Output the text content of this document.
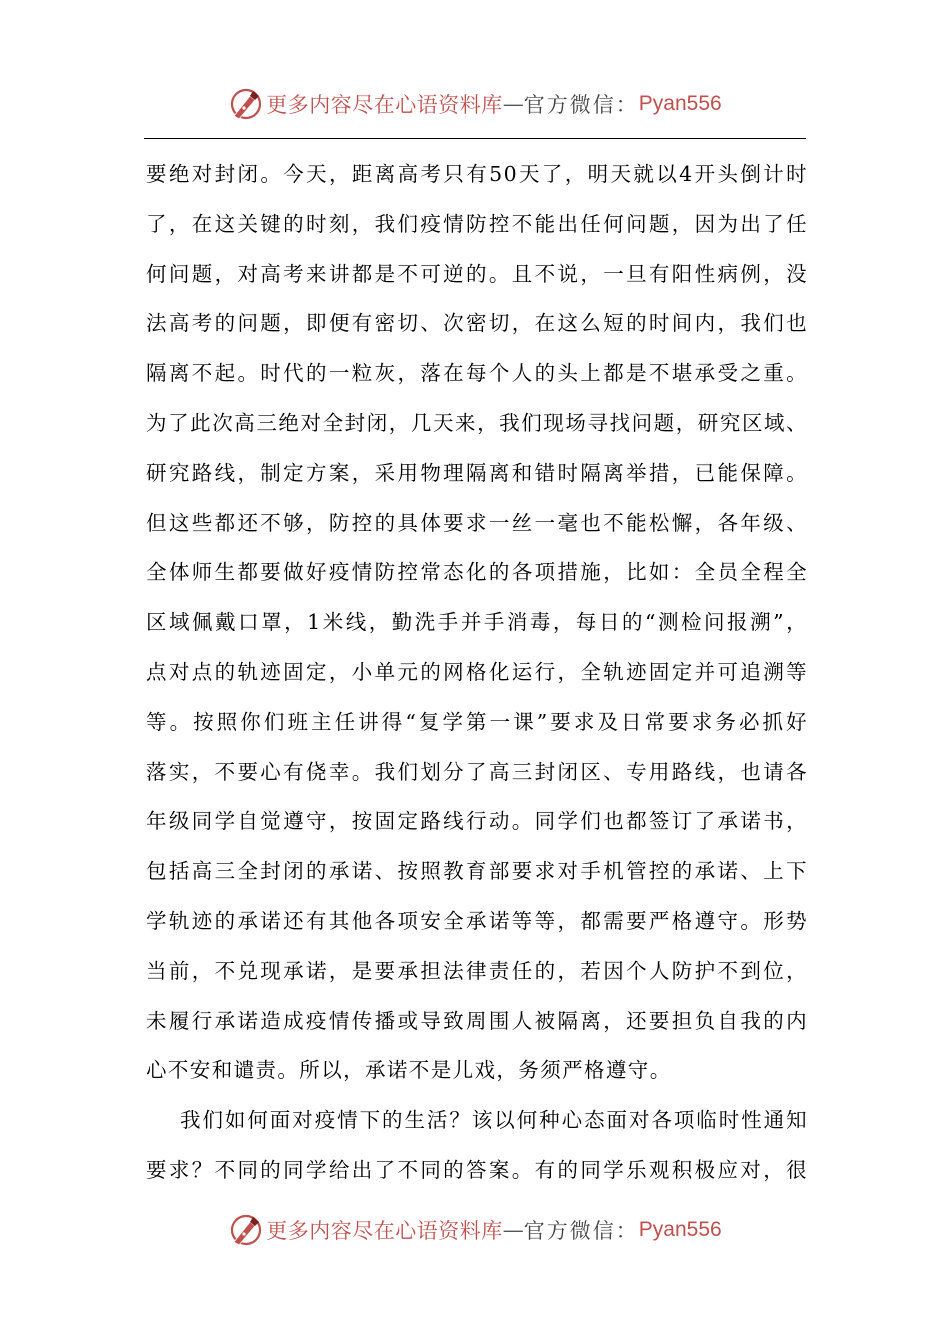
更多内容尽在心语资料库 — 官方微信： Pyan556
要绝对封闭。今天，距离高考只有50天了，明天就以4开头倒计时
了，在这关键的时刻，我们疫情防控不能出任何问题，因为出了任
何问题，对高考来讲都是不可逆的。且不说，一旦有阳性病例，没
法高考的问题，即便有密切、次密切，在这么短的时间内，我们也
隔离不起。时代的一粒灰，落在每个人的头上都是不堪承受之重。
为了此次高三绝对全封闭，几天来，我们现场寻找问题，研究区域、
研究路线，制定方案，采用物理隔离和错时隔离举措，已能保障。
但这些都还不够，防控的具体要求一丝一毫也不能松懈，各年级、
全体师生都要做好疫情防控常态化的各项措施，比如：全员全程全
区域佩戴口罩，1米线，勤洗手并手消毒，每日的“测检问报溯”，
点对点的轨迹固定，小单元的网格化运行，全轨迹固定并可追溯等
等。按照你们班主任讲得“复学第一课”要求及日常要求务必抓好
落实，不要心有侥幸。我们划分了高三封闭区、专用路线，也请各
年级同学自觉遵守，按固定路线行动。同学们也都签订了承诺书，
包括高三全封闭的承诺、按照教育部要求对手机管控的承诺、上下
学轨迹的承诺还有其他各项安全承诺等等，都需要严格遵守。形势
当前，不兑现承诺，是要承担法律责任的，若因个人防护不到位，
未履行承诺造成疫情传播或导致周围人被隔离，还要担负自我的内
心不安和谴责。所以，承诺不是儿戏，务须严格遵守。
我们如何面对疫情下的生活？该以何种心态面对各项临时性通知
要求？不同的同学给出了不同的答案。有的同学乐观积极应对，很
更多内容尽在心语资料库 — 官方微信： Pyan556
